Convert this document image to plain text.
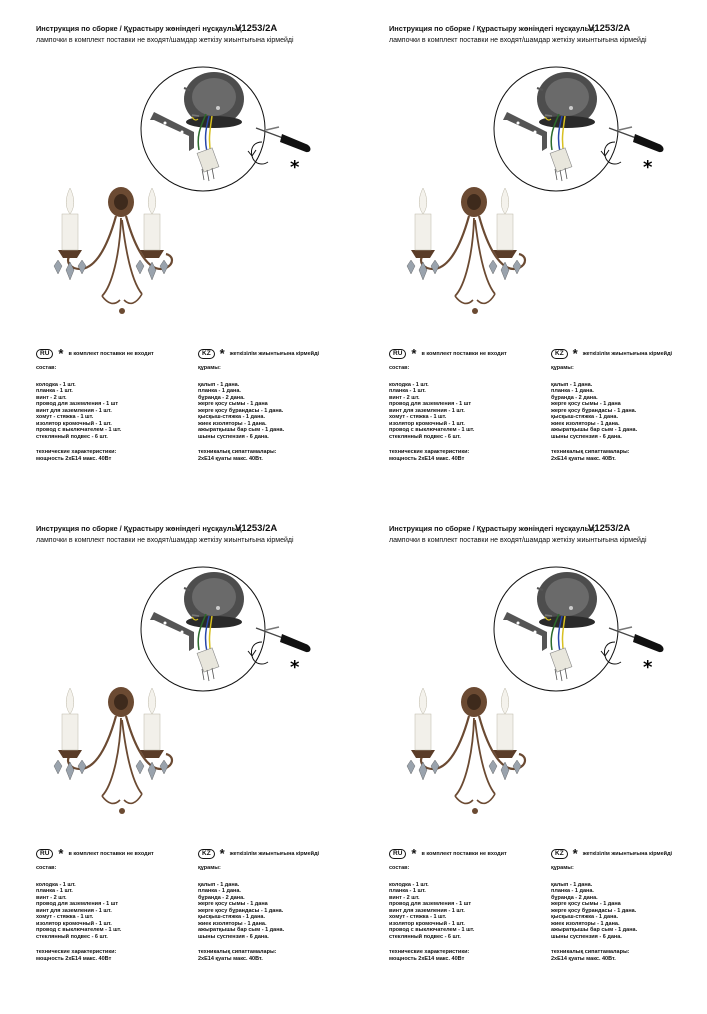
Инструкция по сборке / Құрастыру жөніндегі нұсқаулық
V1253/2A
лампочки в комплект поставки не входят/шамдар жеткізу жиынтығына кірмейді
*
RU * в комплект поставки не входит
состав:
колодка - 1 шт.
планка - 1 шт.
винт - 2 шт.
провод для заземления - 1 шт
винт для заземления - 1 шт.
хомут - стяжка - 1 шт.
изолятор кромочный - 1 шт.
провод с выключателем - 1 шт.
стеклянный подвес - 6 шт.
технические характеристики:
мощность 2хЕ14 макс. 40Вт
KZ * жеткізілім жиынтығына кірмейді
құрамы:
қалып - 1 дана.
планка - 1 дана.
бұранда - 2 дана.
жерге қосу сымы - 1 дана
жерге қосу бұрандасы - 1 дана.
қысқыш-стяжка - 1 дана.
жиек изоляторы - 1 дана.
ажыратқышы бар сым - 1 дана.
шыны суспензия - 6 дана.
техникалық сипаттамалары:
2хЕ14 қуаты макс. 40Вт.
Инструкция по сборке / Құрастыру жөніндегі нұсқаулық
V1253/2A
лампочки в комплект поставки не входят/шамдар жеткізу жиынтығына кірмейді
*
RU * в комплект поставки не входит
состав:
колодка - 1 шт.
планка - 1 шт.
винт - 2 шт.
провод для заземления - 1 шт
винт для заземления - 1 шт.
хомут - стяжка - 1 шт.
изолятор кромочный - 1 шт.
провод с выключателем - 1 шт.
стеклянный подвес - 6 шт.
технические характеристики:
мощность 2хЕ14 макс. 40Вт
KZ * жеткізілім жиынтығына кірмейді
құрамы:
қалып - 1 дана.
планка - 1 дана.
бұранда - 2 дана.
жерге қосу сымы - 1 дана
жерге қосу бұрандасы - 1 дана.
қысқыш-стяжка - 1 дана.
жиек изоляторы - 1 дана.
ажыратқышы бар сым - 1 дана.
шыны суспензия - 6 дана.
техникалық сипаттамалары:
2хЕ14 қуаты макс. 40Вт.
Инструкция по сборке / Құрастыру жөніндегі нұсқаулық
V1253/2A
лампочки в комплект поставки не входят/шамдар жеткізу жиынтығына кірмейді
*
RU * в комплект поставки не входит
состав:
колодка - 1 шт.
планка - 1 шт.
винт - 2 шт.
провод для заземления - 1 шт
винт для заземления - 1 шт.
хомут - стяжка - 1 шт.
изолятор кромочный - 1 шт.
провод с выключателем - 1 шт.
стеклянный подвес - 6 шт.
технические характеристики:
мощность 2хЕ14 макс. 40Вт
KZ * жеткізілім жиынтығына кірмейді
құрамы:
қалып - 1 дана.
планка - 1 дана.
бұранда - 2 дана.
жерге қосу сымы - 1 дана
жерге қосу бұрандасы - 1 дана.
қысқыш-стяжка - 1 дана.
жиек изоляторы - 1 дана.
ажыратқышы бар сым - 1 дана.
шыны суспензия - 6 дана.
техникалық сипаттамалары:
2хЕ14 қуаты макс. 40Вт.
Инструкция по сборке / Құрастыру жөніндегі нұсқаулық
V1253/2A
лампочки в комплект поставки не входят/шамдар жеткізу жиынтығына кірмейді
*
RU * в комплект поставки не входит
состав:
колодка - 1 шт.
планка - 1 шт.
винт - 2 шт.
провод для заземления - 1 шт
винт для заземления - 1 шт.
хомут - стяжка - 1 шт.
изолятор кромочный - 1 шт.
провод с выключателем - 1 шт.
стеклянный подвес - 6 шт.
технические характеристики:
мощность 2хЕ14 макс. 40Вт
KZ * жеткізілім жиынтығына кірмейді
құрамы:
қалып - 1 дана.
планка - 1 дана.
бұранда - 2 дана.
жерге қосу сымы - 1 дана
жерге қосу бұрандасы - 1 дана.
қысқыш-стяжка - 1 дана.
жиек изоляторы - 1 дана.
ажыратқышы бар сым - 1 дана.
шыны суспензия - 6 дана.
техникалық сипаттамалары:
2хЕ14 қуаты макс. 40Вт.
